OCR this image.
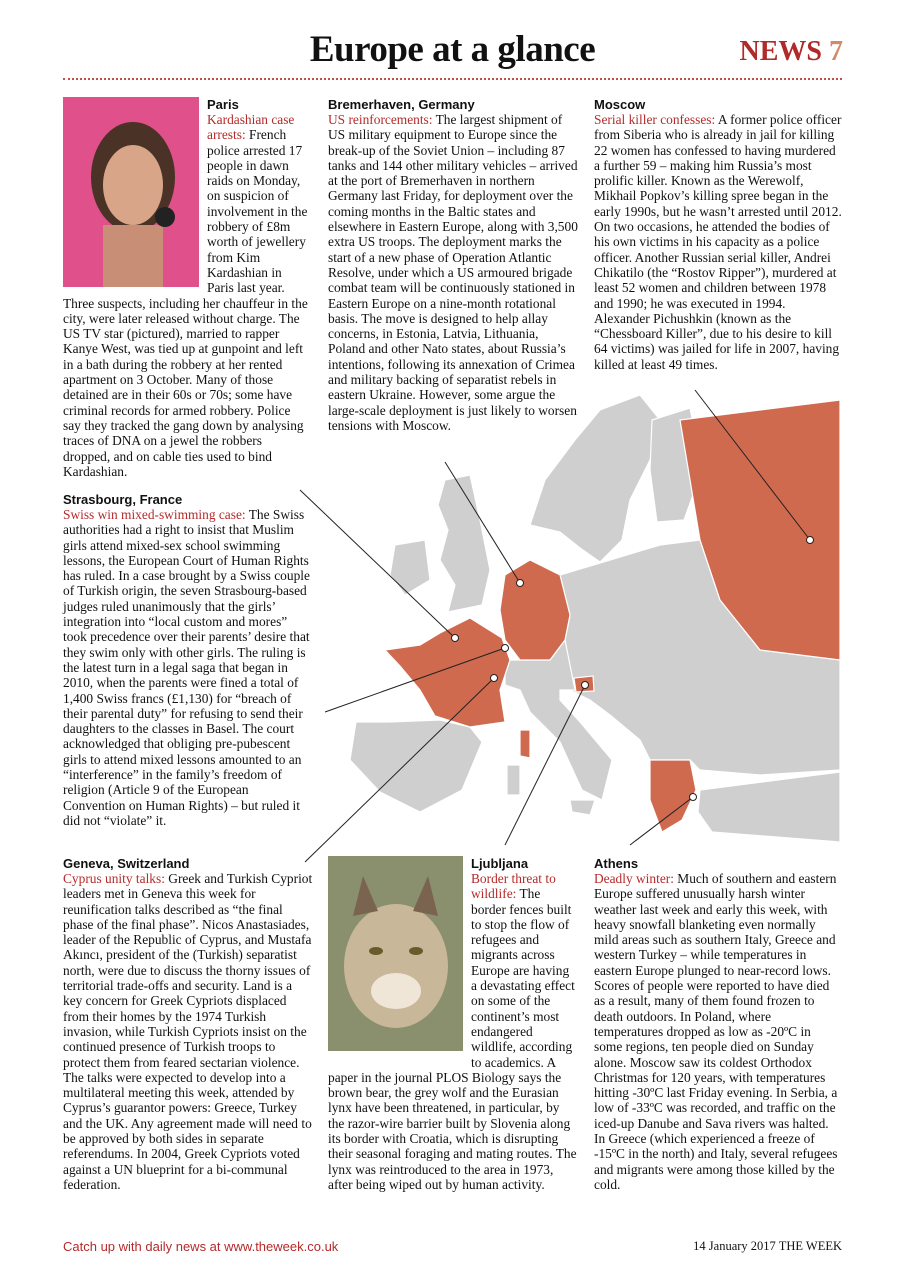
Europe at a glance	NEWS 7
Paris
Kardashian case arrests: French police arrested 17 people in dawn raids on Monday, on suspicion of involvement in the robbery of £8m worth of jewellery from Kim Kardashian in Paris last year. Three suspects, including her chauffeur in the city, were later released without charge. The US TV star (pictured), married to rapper Kanye West, was tied up at gunpoint and left in a bath during the robbery at her rented apartment on 3 October. Many of those detained are in their 60s or 70s; some have criminal records for armed robbery. Police say they tracked the gang down by analysing traces of DNA on a jewel the robbers dropped, and on cable ties used to bind Kardashian.
Bremerhaven, Germany
US reinforcements: The largest shipment of US military equipment to Europe since the break-up of the Soviet Union – including 87 tanks and 144 other military vehicles – arrived at the port of Bremerhaven in northern Germany last Friday, for deployment over the coming months in the Baltic states and elsewhere in Eastern Europe, along with 3,500 extra US troops. The deployment marks the start of a new phase of Operation Atlantic Resolve, under which a US armoured brigade combat team will be continuously stationed in Eastern Europe on a nine-month rotational basis. The move is designed to help allay concerns, in Estonia, Latvia, Lithuania, Poland and other Nato states, about Russia’s intentions, following its annexation of Crimea and military backing of separatist rebels in eastern Ukraine. However, some argue the large-scale deployment is just likely to worsen tensions with Moscow.
Moscow
Serial killer confesses: A former police officer from Siberia who is already in jail for killing 22 women has confessed to having murdered a further 59 – making him Russia’s most prolific killer. Known as the Werewolf, Mikhail Popkov’s killing spree began in the early 1990s, but he wasn’t arrested until 2012. On two occasions, he attended the bodies of his own victims in his capacity as a police officer. Another Russian serial killer, Andrei Chikatilo (the “Rostov Ripper”), murdered at least 52 women and children between 1978 and 1990; he was executed in 1994. Alexander Pichushkin (known as the “Chessboard Killer”, due to his desire to kill 64 victims) was jailed for life in 2007, having killed at least 49 times.
Strasbourg, France
Swiss win mixed-swimming case: The Swiss authorities had a right to insist that Muslim girls attend mixed-sex school swimming lessons, the European Court of Human Rights has ruled. In a case brought by a Swiss couple of Turkish origin, the seven Strasbourg-based judges ruled unanimously that the girls’ integration into “local custom and mores” took precedence over their parents’ desire that they swim only with other girls. The ruling is the latest turn in a legal saga that began in 2010, when the parents were fined a total of 1,400 Swiss francs (£1,130) for “breach of their parental duty” for refusing to send their daughters to the classes in Basel. The court acknowledged that obliging pre-pubescent girls to attend mixed lessons amounted to an “interference” in the family’s freedom of religion (Article 9 of the European Convention on Human Rights) – but ruled it did not “violate” it.
Geneva, Switzerland
Cyprus unity talks: Greek and Turkish Cypriot leaders met in Geneva this week for reunification talks described as “the final phase of the final phase”. Nicos Anastasiades, leader of the Republic of Cyprus, and Mustafa Akıncı, president of the (Turkish) separatist north, were due to discuss the thorny issues of territorial trade-offs and security. Land is a key concern for Greek Cypriots displaced from their homes by the 1974 Turkish invasion, while Turkish Cypriots insist on the continued presence of Turkish troops to protect them from feared sectarian violence. The talks were expected to develop into a multilateral meeting this week, attended by Cyprus’s guarantor powers: Greece, Turkey and the UK. Any agreement made will need to be approved by both sides in separate referendums. In 2004, Greek Cypriots voted against a UN blueprint for a bi-communal federation.
Ljubljana
Border threat to wildlife: The border fences built to stop the flow of refugees and migrants across Europe are having a devastating effect on some of the continent’s most endangered wildlife, according to academics. A paper in the journal PLOS Biology says the brown bear, the grey wolf and the Eurasian lynx have been threatened, in particular, by the razor-wire barrier built by Slovenia along its border with Croatia, which is disrupting their seasonal foraging and mating routes. The lynx was reintroduced to the area in 1973, after being wiped out by human activity.
Athens
Deadly winter: Much of southern and eastern Europe suffered unusually harsh winter weather last week and early this week, with heavy snowfall blanketing even normally mild areas such as southern Italy, Greece and western Turkey – while temperatures in eastern Europe plunged to near-record lows. Scores of people were reported to have died as a result, many of them found frozen to death outdoors. In Poland, where temperatures dropped as low as -20ºC in some regions, ten people died on Sunday alone. Moscow saw its coldest Orthodox Christmas for 120 years, with temperatures hitting -30ºC last Friday evening. In Serbia, a low of -33ºC was recorded, and traffic on the iced-up Danube and Sava rivers was halted. In Greece (which experienced a freeze of -15ºC in the north) and Italy, several refugees and migrants were among those killed by the cold.
Catch up with daily news at www.theweek.co.uk	14 January 2017 THE WEEK
